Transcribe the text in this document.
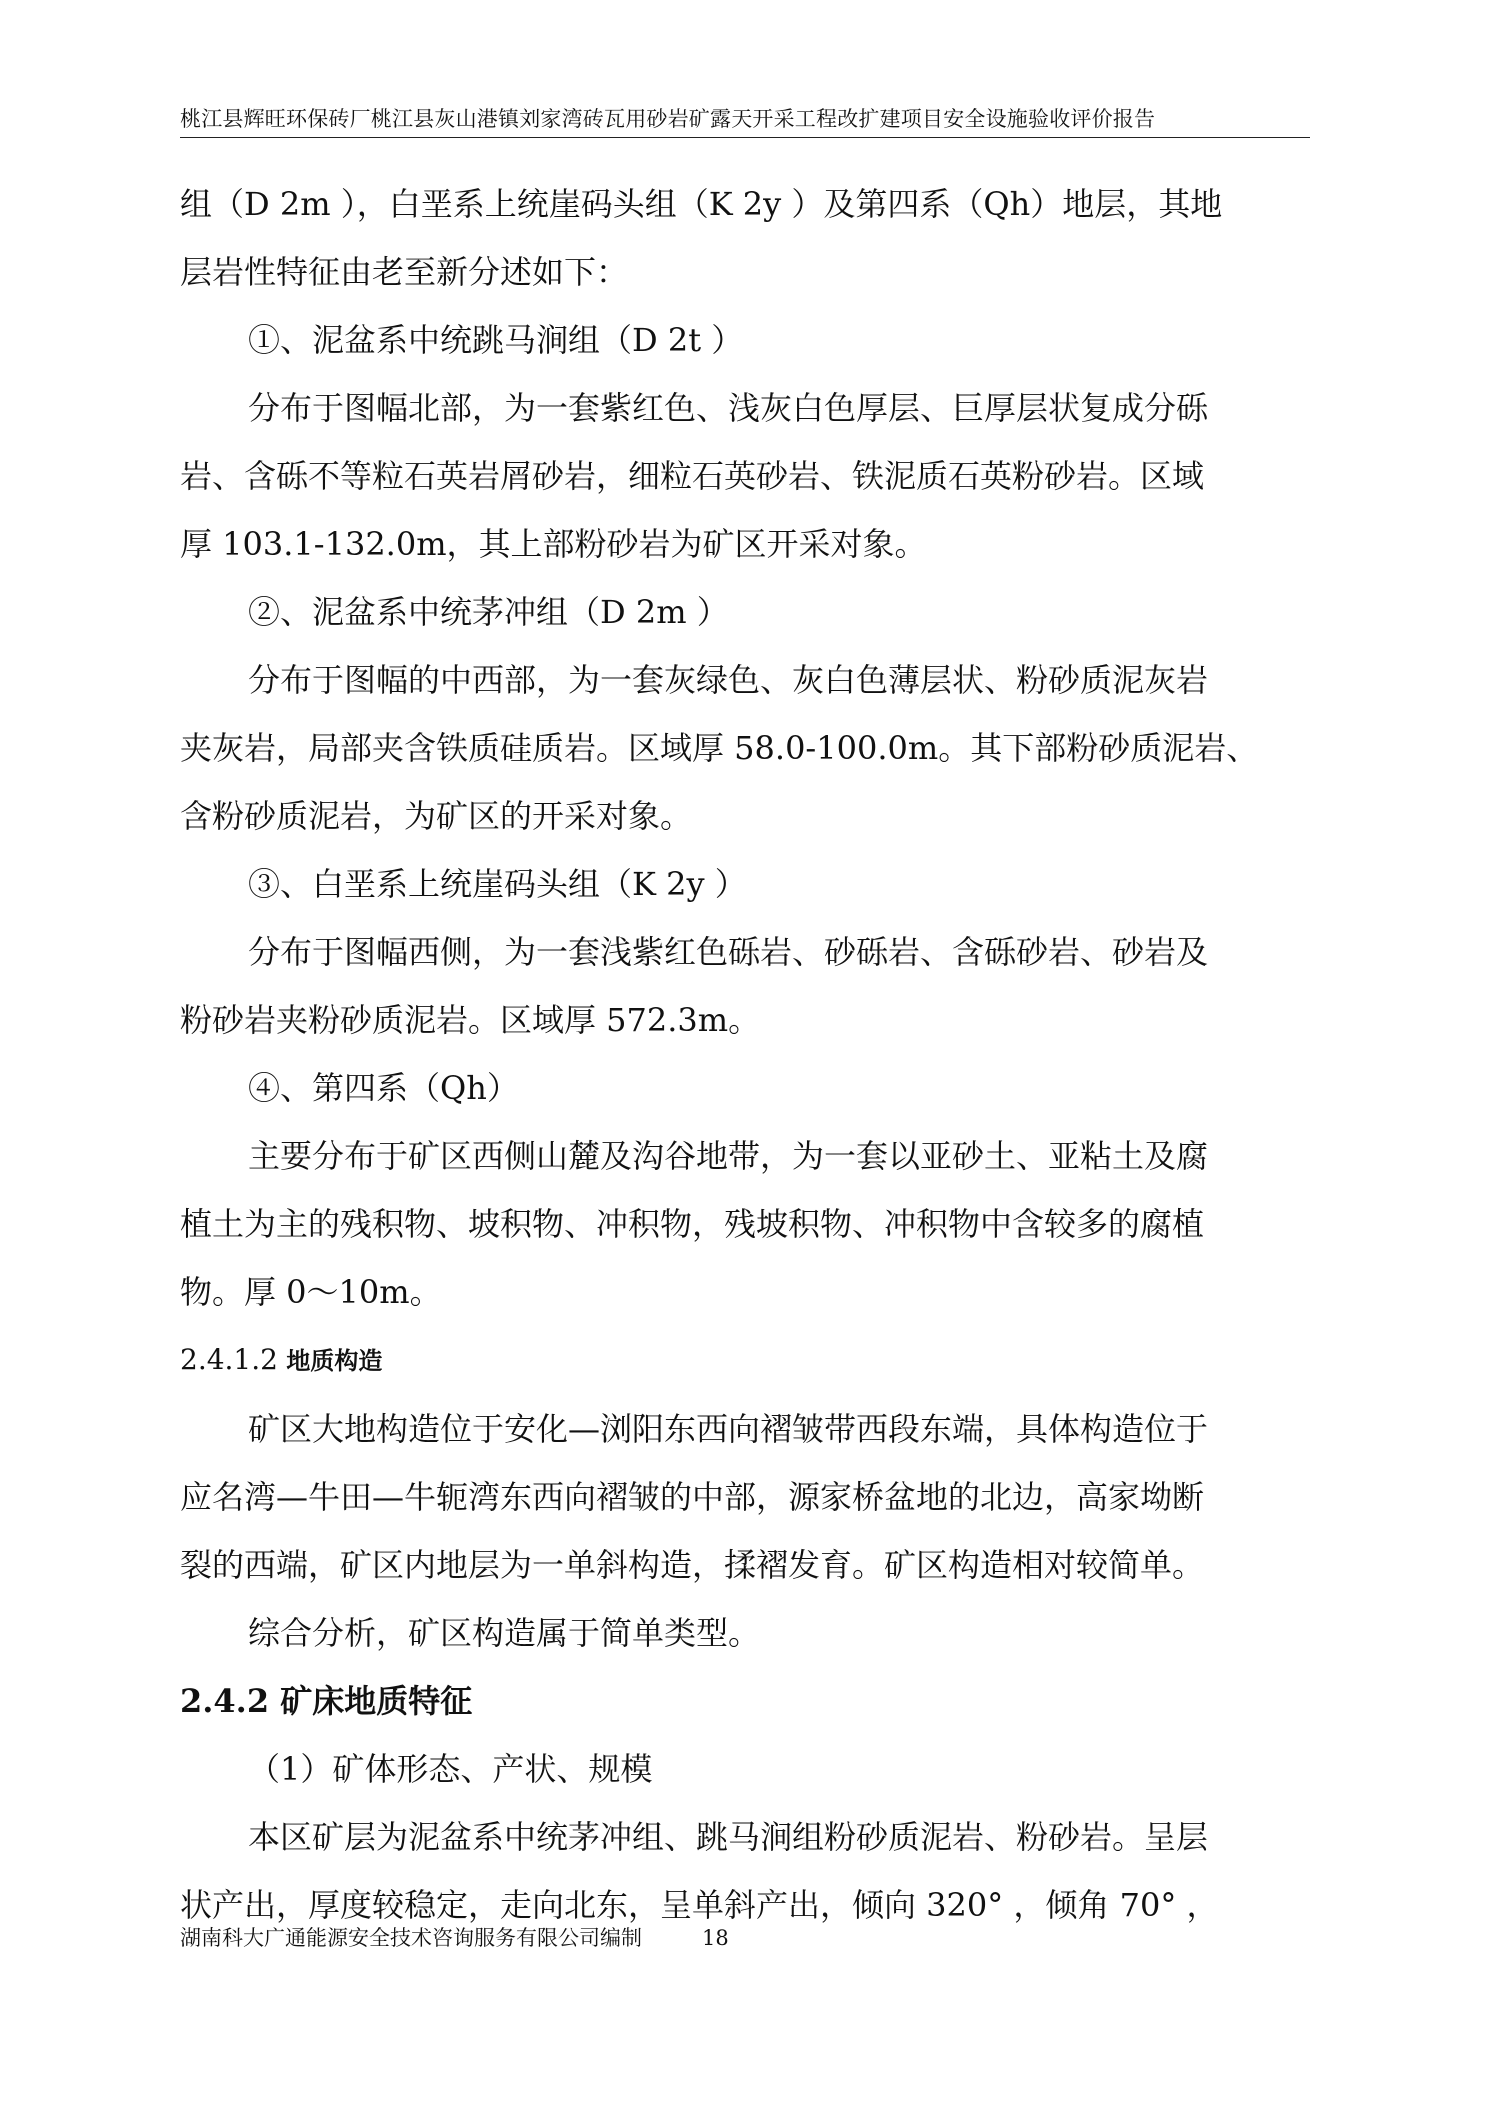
桃江县辉旺环保砖厂桃江县灰山港镇刘家湾砖瓦用砂岩矿露天开采工程改扩建项目安全设施验收评价报告

组（D 2m ），白垩系上统崖码头组（K 2y ）及第四系（Qh）地层，其地

层岩性特征由老至新分述如下：

①、泥盆系中统跳马涧组（D 2t ）

分布于图幅北部，为一套紫红色、浅灰白色厚层、巨厚层状复成分砾

岩、含砾不等粒石英岩屑砂岩，细粒石英砂岩、铁泥质石英粉砂岩。区域

厚 103.1-132.0m，其上部粉砂岩为矿区开采对象。

②、泥盆系中统茅冲组（D 2m ）

分布于图幅的中西部，为一套灰绿色、灰白色薄层状、粉砂质泥灰岩

夹灰岩，局部夹含铁质硅质岩。区域厚 58.0-100.0m。其下部粉砂质泥岩、

含粉砂质泥岩，为矿区的开采对象。

③、白垩系上统崖码头组（K 2y ）

分布于图幅西侧，为一套浅紫红色砾岩、砂砾岩、含砾砂岩、砂岩及

粉砂岩夹粉砂质泥岩。区域厚 572.3m。

④、第四系（Qh）

主要分布于矿区西侧山麓及沟谷地带，为一套以亚砂土、亚粘土及腐

植土为主的残积物、坡积物、冲积物，残坡积物、冲积物中含较多的腐植

物。厚 0～10m。

2.4.1.2 地质构造

矿区大地构造位于安化—浏阳东西向褶皱带西段东端，具体构造位于

应名湾—牛田—牛轭湾东西向褶皱的中部，源家桥盆地的北边，高家坳断

裂的西端，矿区内地层为一单斜构造，揉褶发育。矿区构造相对较简单。

综合分析，矿区构造属于简单类型。

2.4.2 矿床地质特征

（1）矿体形态、产状、规模

本区矿层为泥盆系中统茅冲组、跳马涧组粉砂质泥岩、粉砂岩。呈层

状产出，厚度较稳定，走向北东，呈单斜产出，倾向 320° ，倾角 70° ，

湖南科大广通能源安全技术咨询服务有限公司编制	18
